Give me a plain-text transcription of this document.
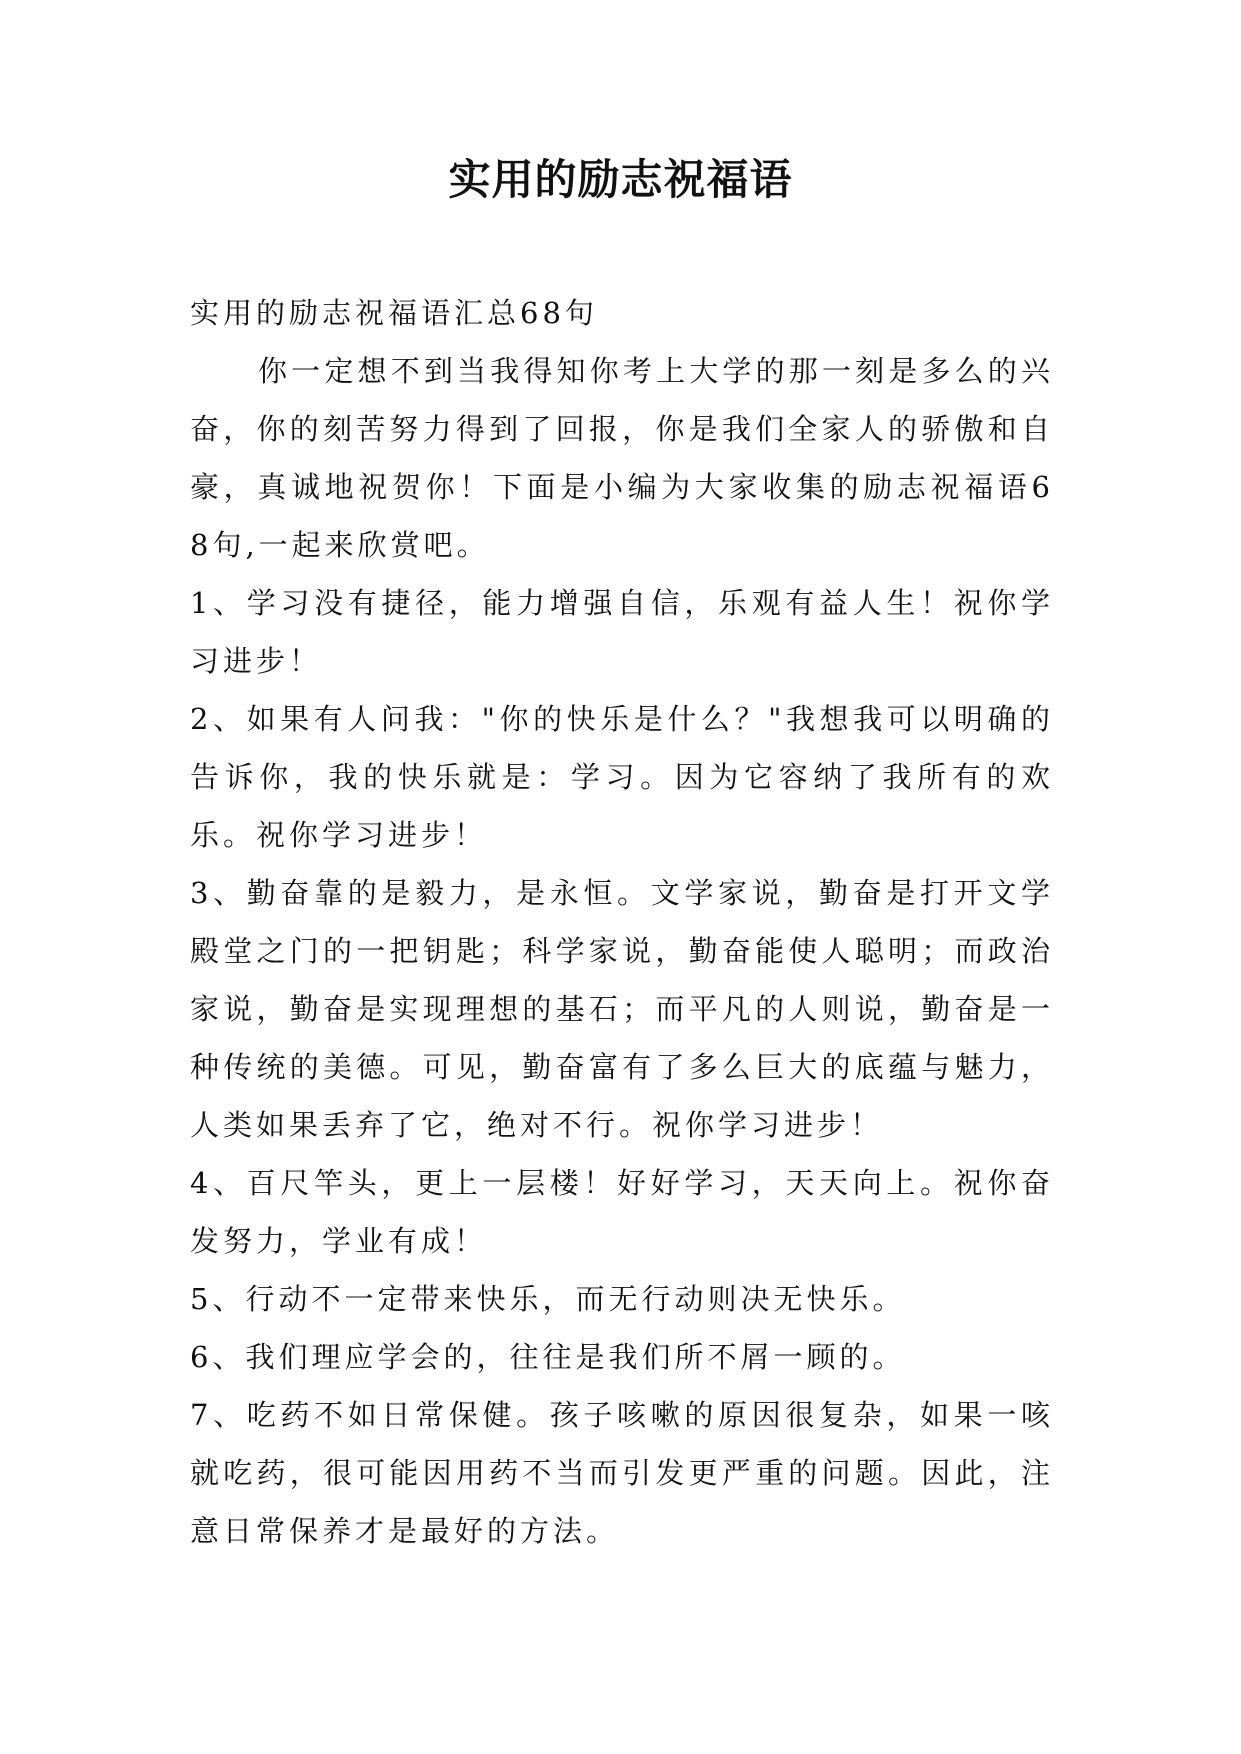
实用的励志祝福语

实用的励志祝福语汇总68句

你一定想不到当我得知你考上大学的那一刻是多么的兴奋，你的刻苦努力得到了回报，你是我们全家人的骄傲和自豪，真诚地祝贺你！下面是小编为大家收集的励志祝福语68句,一起来欣赏吧。

1、学习没有捷径，能力增强自信，乐观有益人生！祝你学习进步！

2、如果有人问我："你的快乐是什么？"我想我可以明确的告诉你，我的快乐就是：学习。因为它容纳了我所有的欢乐。祝你学习进步！

3、勤奋靠的是毅力，是永恒。文学家说，勤奋是打开文学殿堂之门的一把钥匙；科学家说，勤奋能使人聪明；而政治家说，勤奋是实现理想的基石；而平凡的人则说，勤奋是一种传统的美德。可见，勤奋富有了多么巨大的底蕴与魅力，人类如果丢弃了它，绝对不行。祝你学习进步！

4、百尺竿头，更上一层楼！好好学习，天天向上。祝你奋发努力，学业有成！

5、行动不一定带来快乐，而无行动则决无快乐。

6、我们理应学会的，往往是我们所不屑一顾的。

7、吃药不如日常保健。孩子咳嗽的原因很复杂，如果一咳就吃药，很可能因用药不当而引发更严重的问题。因此，注意日常保养才是最好的方法。
